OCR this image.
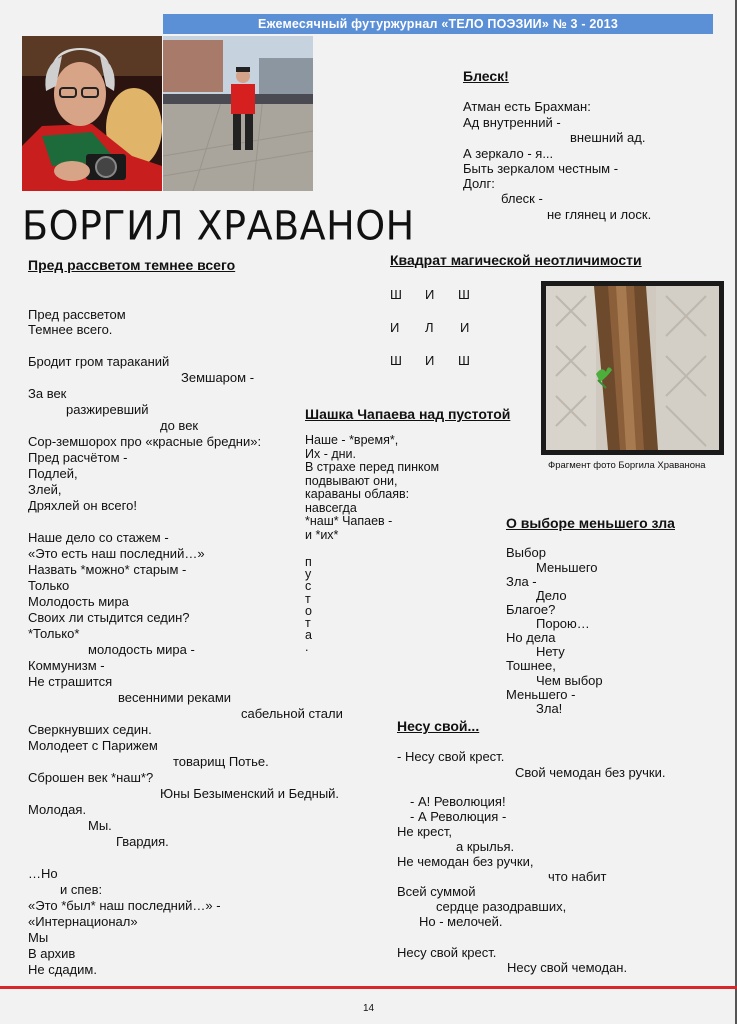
Ежемесячный футуржурнал «ТЕЛО ПОЭЗИИ» № 3 - 2013
БОРГИЛ ХРАВАНОН
Пред рассветом темнее всего
Пред рассветом
Темнее всего.
Бродит гром тараканий
Земшаром -
За век
разжиревший
до век
Сор-земшорох про «красные бредни»:
Пред расчётом -
Подлей,
Злей,
Дряхлей он всего!
Наше дело со стажем -
«Это есть наш последний…»
Назвать *можно* старым -
Только
Молодость мира
Своих ли стыдится седин?
*Только*
молодость мира -
Коммунизм -
Не страшится
весенними реками
сабельной стали
Сверкнувших седин.
Молодеет с Парижем
товарищ Потье.
Сброшен век *наш*?
Юны Безыменский и Бедный.
Молодая.
Мы.
Гвардия.
…Но
и спев:
«Это *был* наш последний…» -
«Интернационал»
Мы
В архив
Не сдадим.
Блеск!
Атман есть Брахман:
Ад внутренний -
внешний ад.
А зеркало - я...
Быть зеркалом честным -
Долг:
блеск -
не глянец и лоск.
Квадрат магической неотличимости
Ш И Ш
И Л И
Ш И Ш
Фрагмент фото Боргила Храванона
Шашка Чапаева над пустотой
Наше - *время*,
Их - дни.
В страхе перед пинком
подвывают они,
караваны облаяв:
навсегда
*наш* Чапаев -
и *их*
п
у
с
т
о
т
а
.
О выборе меньшего зла
Выбор
Меньшего
Зла -
Дело
Благое?
Порою…
Но дела
Нету
Тошнее,
Чем выбор
Меньшего -
Зла!
Несу свой...
- Несу свой крест.
Свой чемодан без ручки.
- А! Революция!
- А Революция -
Не крест,
а крылья.
Не чемодан без ручки,
что набит
Всей суммой
сердце разодравших,
Но - мелочей.
Несу свой крест.
Несу свой чемодан.
14
